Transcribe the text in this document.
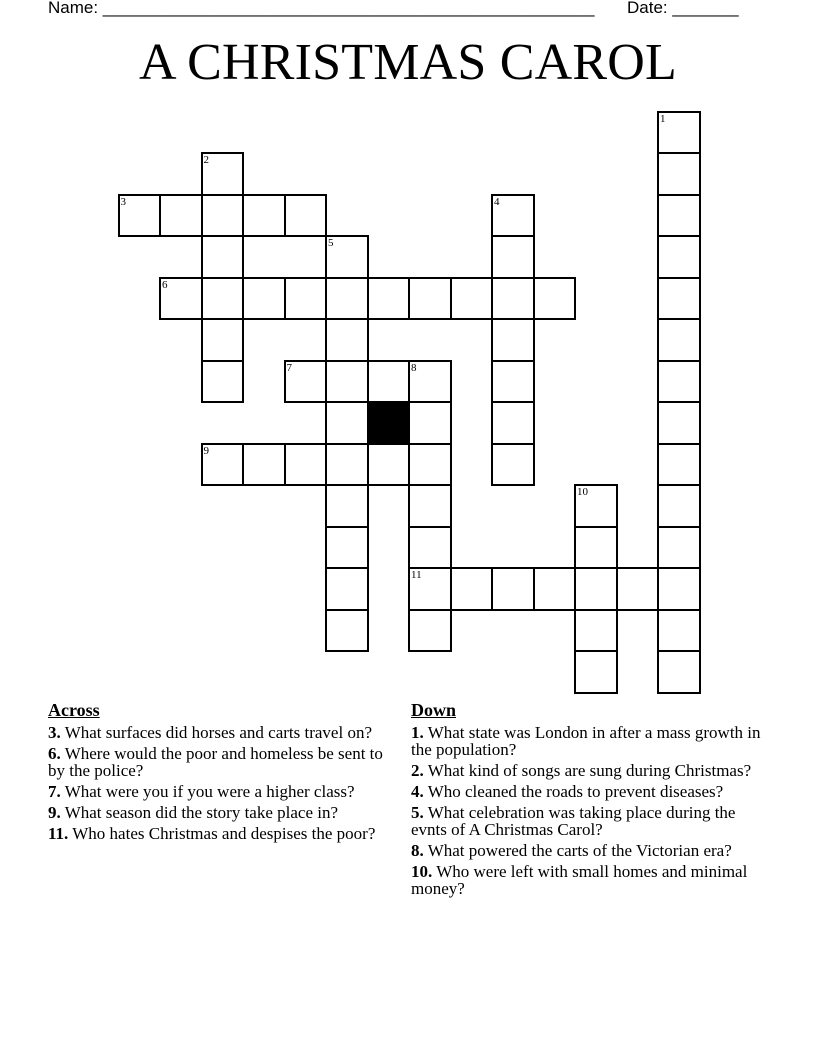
Name: ____________________________________________________ Date: _______
A CHRISTMAS CAROL
1
2
3	4
5
6
7	8
11
9
10
Across
3. What surfaces did horses and carts travel on?
6. Where would the poor and homeless be sent to by the police?
7. What were you if you were a higher class?
9. What season did the story take place in?
11. Who hates Christmas and despises the poor?
Down
1. What state was London in after a mass growth in the population?
2. What kind of songs are sung during Christmas?
4. Who cleaned the roads to prevent diseases?
5. What celebration was taking place during the evnts of A Christmas Carol?
8. What powered the carts of the Victorian era?
10. Who were left with small homes and minimal money?
